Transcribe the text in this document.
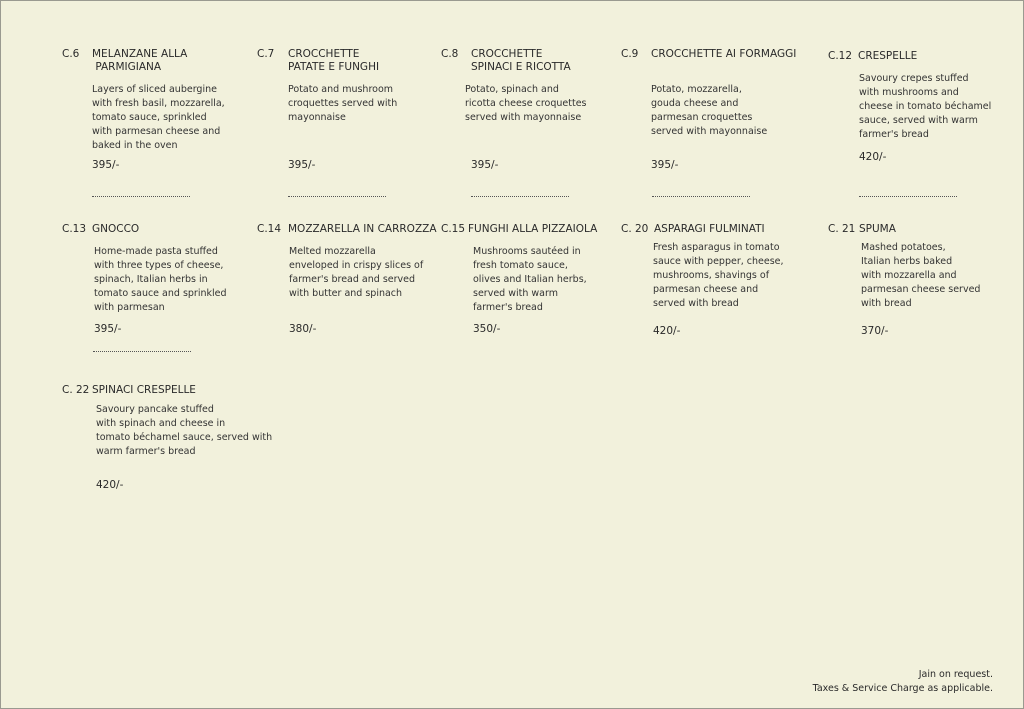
C.6 MELANZANE ALLA
PARMIGIANA
Layers of sliced aubergine
with fresh basil, mozzarella,
tomato sauce, sprinkled
with parmesan cheese and
baked in the oven
395/-
C.7 CROCCHETTE
PATATE E FUNGHI
Potato and mushroom
croquettes served with
mayonnaise
395/-
C.8 CROCCHETTE
SPINACI E RICOTTA
Potato, spinach and
ricotta cheese croquettes
served with mayonnaise
395/-
C.9 CROCCHETTE AI FORMAGGI
Potato, mozzarella,
gouda cheese and
parmesan croquettes
served with mayonnaise
395/-
C.12 CRESPELLE
Savoury crepes stuffed
with mushrooms and
cheese in tomato béchamel
sauce, served with warm
farmer's bread
420/-
C.13 GNOCCO
Home-made pasta stuffed
with three types of cheese,
spinach, Italian herbs in
tomato sauce and sprinkled
with parmesan
395/-
C.14 MOZZARELLA IN CARROZZA
Melted mozzarella
enveloped in crispy slices of
farmer's bread and served
with butter and spinach
380/-
C.15 FUNGHI ALLA PIZZAIOLA
Mushrooms sautéed in
fresh tomato sauce,
olives and Italian herbs,
served with warm
farmer's bread
350/-
C. 20 ASPARAGI FULMINATI
Fresh asparagus in tomato
sauce with pepper, cheese,
mushrooms, shavings of
parmesan cheese and
served with bread
420/-
C. 21 SPUMA
Mashed potatoes,
Italian herbs baked
with mozzarella and
parmesan cheese served
with bread
370/-
C. 22 SPINACI CRESPELLE
Savoury pancake stuffed
with spinach and cheese in
tomato béchamel sauce, served with
warm farmer's bread
420/-
Jain on request.
Taxes & Service Charge as applicable.
